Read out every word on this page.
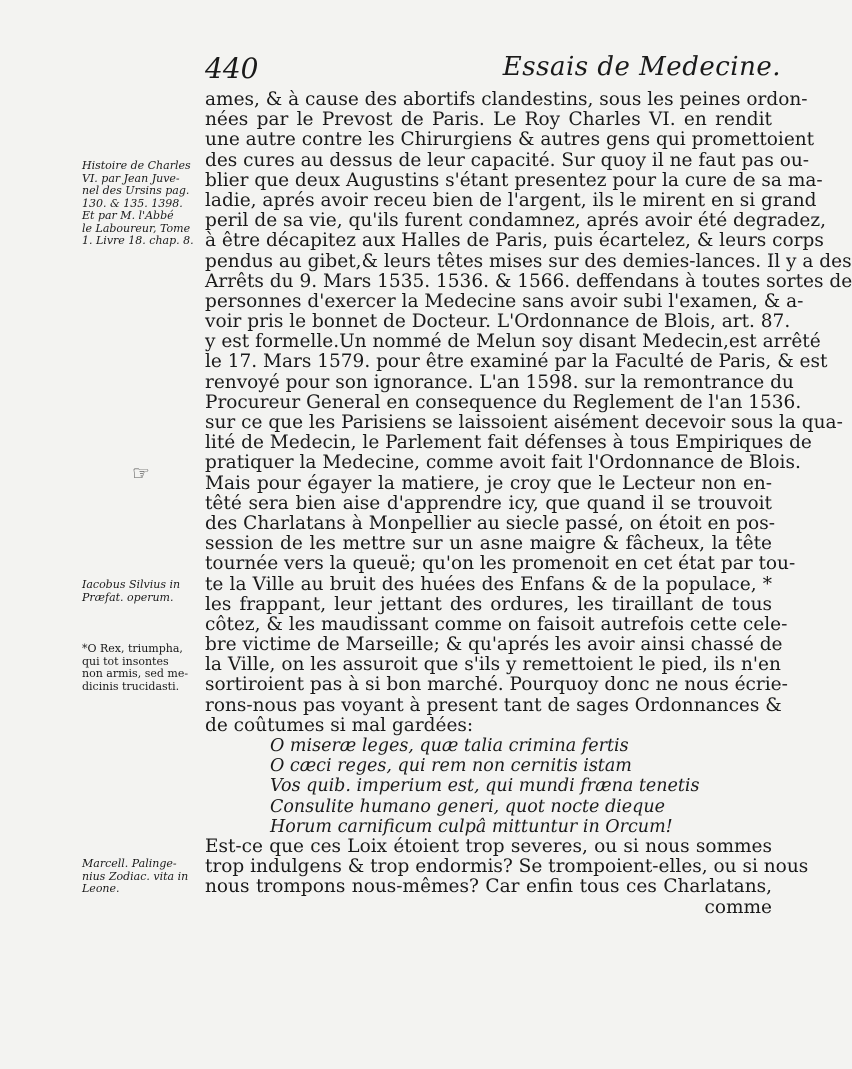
440	Essais de Medecine.
ames, & à cause des abortifs clandestins, sous les peines ordon-
nées par le Prevost de Paris. Le Roy Charles VI. en rendit
une autre contre les Chirurgiens & autres gens qui promettoient
des cures au dessus de leur capacité. Sur quoy il ne faut pas ou-
blier que deux Augustins s'étant presentez pour la cure de sa ma-
ladie, aprés avoir receu bien de l'argent, ils le mirent en si grand
peril de sa vie, qu'ils furent condamnez, aprés avoir été degradez,
à être décapitez aux Halles de Paris, puis écartelez, & leurs corps
pendus au gibet,& leurs têtes mises sur des demies-lances. Il y a des
Arrêts du 9. Mars 1535. 1536. & 1566. deffendans à toutes sortes de
personnes d'exercer la Medecine sans avoir subi l'examen, & a-
voir pris le bonnet de Docteur. L'Ordonnance de Blois, art. 87.
y est formelle.Un nommé de Melun soy disant Medecin,est arrêté
le 17. Mars 1579. pour être examiné par la Faculté de Paris, & est
renvoyé pour son ignorance. L'an 1598. sur la remontrance du
Procureur General en consequence du Reglement de l'an 1536.
sur ce que les Parisiens se laissoient aisément decevoir sous la qua-
lité de Medecin, le Parlement fait défenses à tous Empiriques de
pratiquer la Medecine, comme avoit fait l'Ordonnance de Blois.
Mais pour égayer la matiere, je croy que le Lecteur non en-
têté sera bien aise d'apprendre icy, que quand il se trouvoit
des Charlatans à Monpellier au siecle passé, on étoit en pos-
session de les mettre sur un asne maigre & fâcheux, la tête
tournée vers la queuë; qu'on les promenoit en cet état par tou-
te la Ville au bruit des huées des Enfans & de la populace, *
les frappant, leur jettant des ordures, les tiraillant de tous
côtez, & les maudissant comme on faisoit autrefois cette cele-
bre victime de Marseille; & qu'aprés les avoir ainsi chassé de
la Ville, on les assuroit que s'ils y remettoient le pied, ils n'en
sortiroient pas à si bon marché. Pourquoy donc ne nous écrie-
rons-nous pas voyant à present tant de sages Ordonnances &
de coûtumes si mal gardées:
O miseræ leges, quæ talia crimina fertis
O cæci reges, qui rem non cernitis istam
Vos quib. imperium est, qui mundi fræna tenetis
Consulite humano generi, quot nocte dieque
Horum carnificum culpâ mittuntur in Orcum!
Est-ce que ces Loix étoient trop severes, ou si nous sommes
trop indulgens & trop endormis? Se trompoient-elles, ou si nous
nous trompons nous-mêmes? Car enfin tous ces Charlatans,
comme
Histoire de Charles
VI. par Jean Juve-
nel des Ursins pag.
130. & 135. 1398.
Et par M. l'Abbé
le Laboureur, Tome
1. Livre 18. chap. 8.
☞
Iacobus Silvius in
Præfat. operum.
*O Rex, triumpha,
qui tot insontes
non armis, sed me-
dicinis trucidasti.
Marcell. Palinge-
nius Zodiac. vita in
Leone.
